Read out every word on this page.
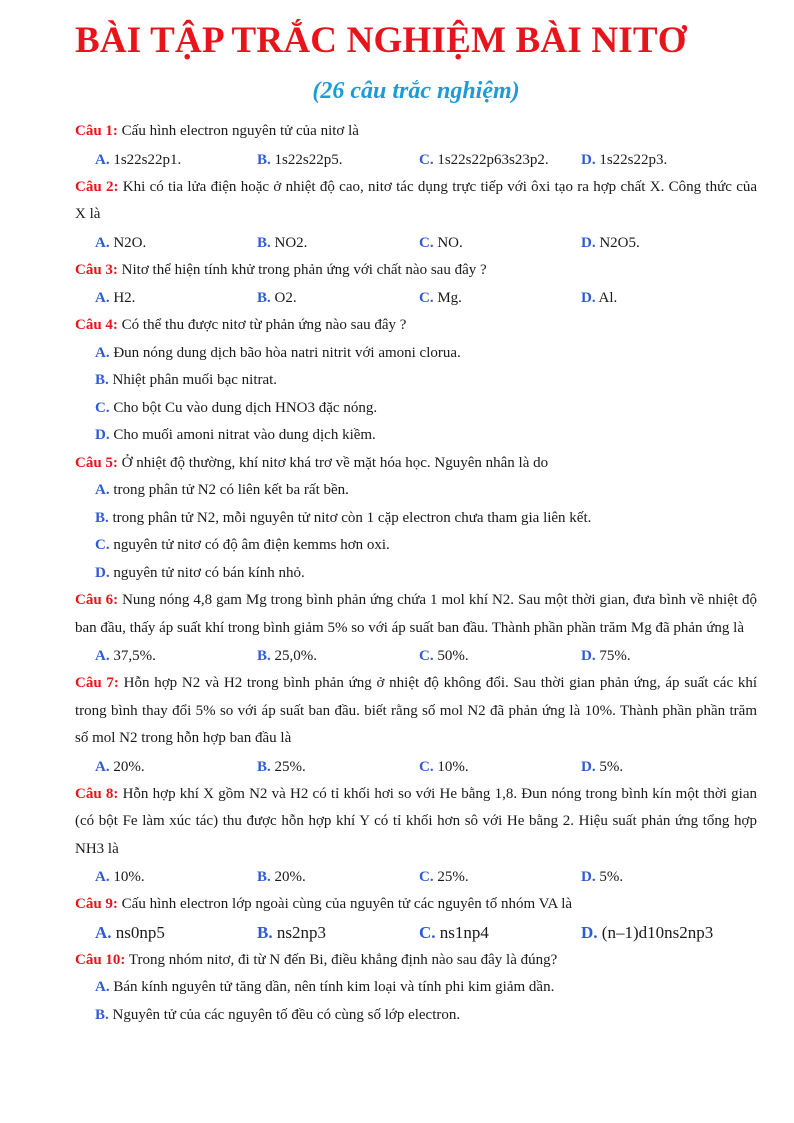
BÀI TẬP TRẮC NGHIỆM BÀI NITƠ
(26 câu trắc nghiệm)
Câu 1: Cấu hình electron nguyên tử của nitơ là
A. 1s22s22p1.	B. 1s22s22p5.	C. 1s22s22p63s23p2.	D. 1s22s22p3.
Câu 2: Khi có tia lửa điện hoặc ở nhiệt độ cao, nitơ tác dụng trực tiếp với ôxi tạo ra hợp chất X. Công thức của X là
A. N2O.	B. NO2.	C. NO.	D. N2O5.
Câu 3: Nitơ thể hiện tính khử trong phản ứng với chất nào sau đây ?
A. H2.	B. O2.	C. Mg.	D. Al.
Câu 4: Có thể thu được nitơ từ phản ứng nào sau đây ?
A. Đun nóng dung dịch bão hòa natri nitrit với amoni clorua.
B. Nhiệt phân muối bạc nitrat.
C. Cho bột Cu vào dung dịch HNO3 đặc nóng.
D. Cho muối amoni nitrat vào dung dịch kiềm.
Câu 5: Ở nhiệt độ thường, khí nitơ khá trơ về mặt hóa học. Nguyên nhân là do
A. trong phân tử N2 có liên kết ba rất bền.
B. trong phân tử N2, mỗi nguyên tử nitơ còn 1 cặp electron chưa tham gia liên kết.
C. nguyên tử nitơ có độ âm điện kemms hơn oxi.
D. nguyên tử nitơ có bán kính nhỏ.
Câu 6: Nung nóng 4,8 gam Mg trong bình phản ứng chứa 1 mol khí N2. Sau một thời gian, đưa bình về nhiệt độ ban đầu, thấy áp suất khí trong bình giảm 5% so với áp suất ban đầu. Thành phần phần trăm Mg đã phản ứng là
A. 37,5%.	B. 25,0%.	C. 50%.	D. 75%.
Câu 7: Hỗn hợp N2 và H2 trong bình phản ứng ở nhiệt độ không đổi. Sau thời gian phản ứng, áp suất các khí trong bình thay đổi 5% so với áp suất ban đầu. biết rằng số mol N2 đã phản ứng là 10%. Thành phần phần trăm số mol N2 trong hỗn hợp ban đầu là
A. 20%.	B. 25%.	C. 10%.	D. 5%.
Câu 8: Hỗn hợp khí X gồm N2 và H2 có tỉ khối hơi so với He bằng 1,8. Đun nóng trong bình kín một thời gian (có bột Fe làm xúc tác) thu được hỗn hợp khí Y có tỉ khối hơn sô với He bằng 2. Hiệu suất phản ứng tổng hợp NH3 là
A. 10%.	B. 20%.	C. 25%.	D. 5%.
Câu 9: Cấu hình electron lớp ngoài cùng của nguyên tử các nguyên tố nhóm VA là
A. ns0np5	B. ns2np3	C. ns1np4	D. (n–1)d10ns2np3
Câu 10: Trong nhóm nitơ, đi từ N đến Bi, điều khẳng định nào sau đây là đúng?
A. Bán kính nguyên tử tăng dần, nên tính kim loại và tính phi kim giảm dần.
B. Nguyên tử của các nguyên tố đều có cùng số lớp electron.
